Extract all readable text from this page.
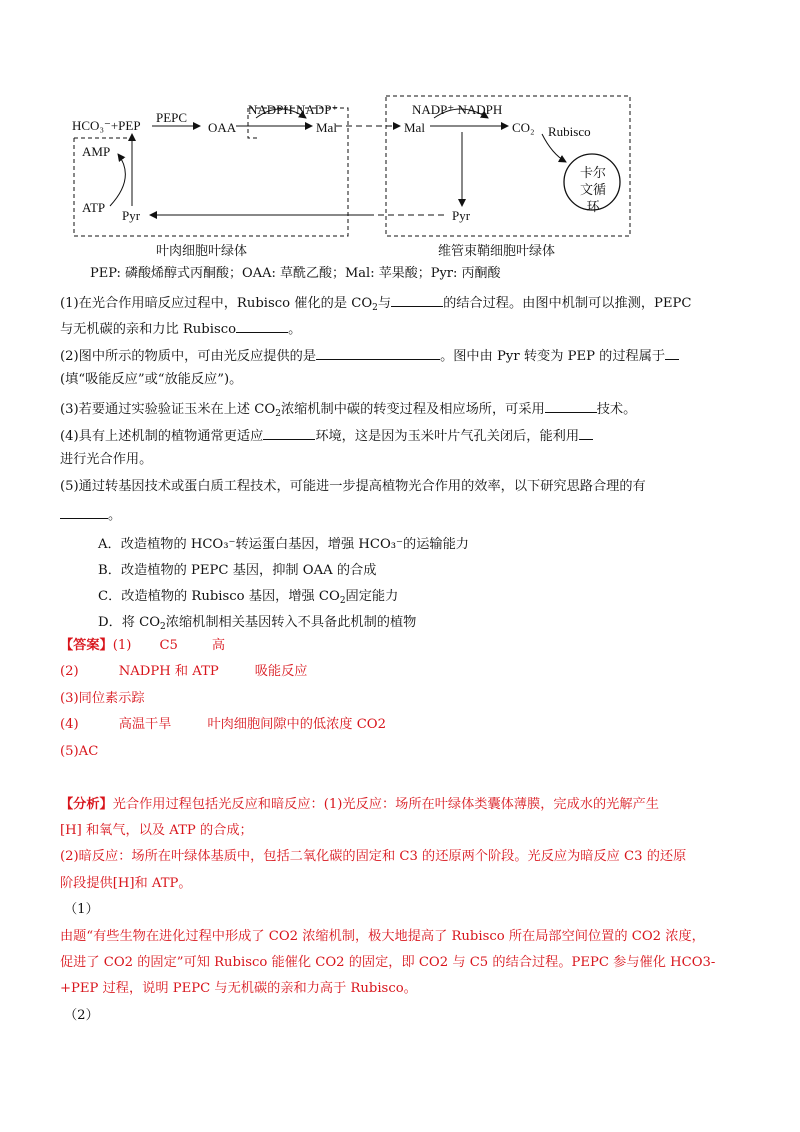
HCO₃⁻+PEP
PEPC
OAA
NADPH NADP⁺
Mal	Mal
NADP⁺ NADPH
CO₂ Rubisco
卡尔文循环
AMP
ATP
Pyr	Pyr
叶肉细胞叶绿体	维管束鞘细胞叶绿体
PEP: 磷酸烯醇式丙酮酸；OAA: 草酰乙酸；Mal: 苹果酸；Pyr: 丙酮酸
(1)在光合作用暗反应过程中，Rubisco 催化的是 $CO_2$与	的结合过程。由图中机制可以推测，PEPC
与无机碳的亲和力比 Rubisco	。
(2)图中所示的物质中，可由光反应提供的是	。图中由 Pyr 转变为 PEP 的过程属于
(填“吸能反应”或“放能反应”)。
(3)若要通过实验验证玉米在上述 $CO_2$浓缩机制中碳的转变过程及相应场所，可采用	技术。
(4)具有上述机制的植物通常更适应	环境，这是因为玉米叶片气孔关闭后，能利用
进行光合作用。
(5)通过转基因技术或蛋白质工程技术，可能进一步提高植物光合作用的效率，以下研究思路合理的有
。
A．改造植物的 HCO₃⁻转运蛋白基因，增强 HCO₃⁻的运输能力
B．改造植物的 PEPC 基因，抑制 OAA 的合成
C．改造植物的 Rubisco 基因，增强 $CO_2$固定能力
D．将 $CO_2$浓缩机制相关基因转入不具备此机制的植物
【答案】(1) C5	高
(2)	NADPH 和 ATP	吸能反应
(3)同位素示踪
(4)	高温干旱	叶肉细胞间隙中的低浓度 CO2
(5)AC
【分析】光合作用过程包括光反应和暗反应：(1)光反应：场所在叶绿体类囊体薄膜，完成水的光解产生
[H] 和氧气，以及 ATP 的合成；
(2)暗反应：场所在叶绿体基质中，包括二氧化碳的固定和 C3 的还原两个阶段。光反应为暗反应 C3 的还原
阶段提供[H]和 ATP。
（1）
由题“有些生物在进化过程中形成了 CO2 浓缩机制，极大地提高了 Rubisco 所在局部空间位置的 CO2 浓度，
促进了 CO2 的固定”可知 Rubisco 能催化 CO2 的固定，即 CO2 与 C5 的结合过程。PEPC 参与催化 HCO3-
+PEP 过程，说明 PEPC 与无机碳的亲和力高于 Rubisco。
（2）
